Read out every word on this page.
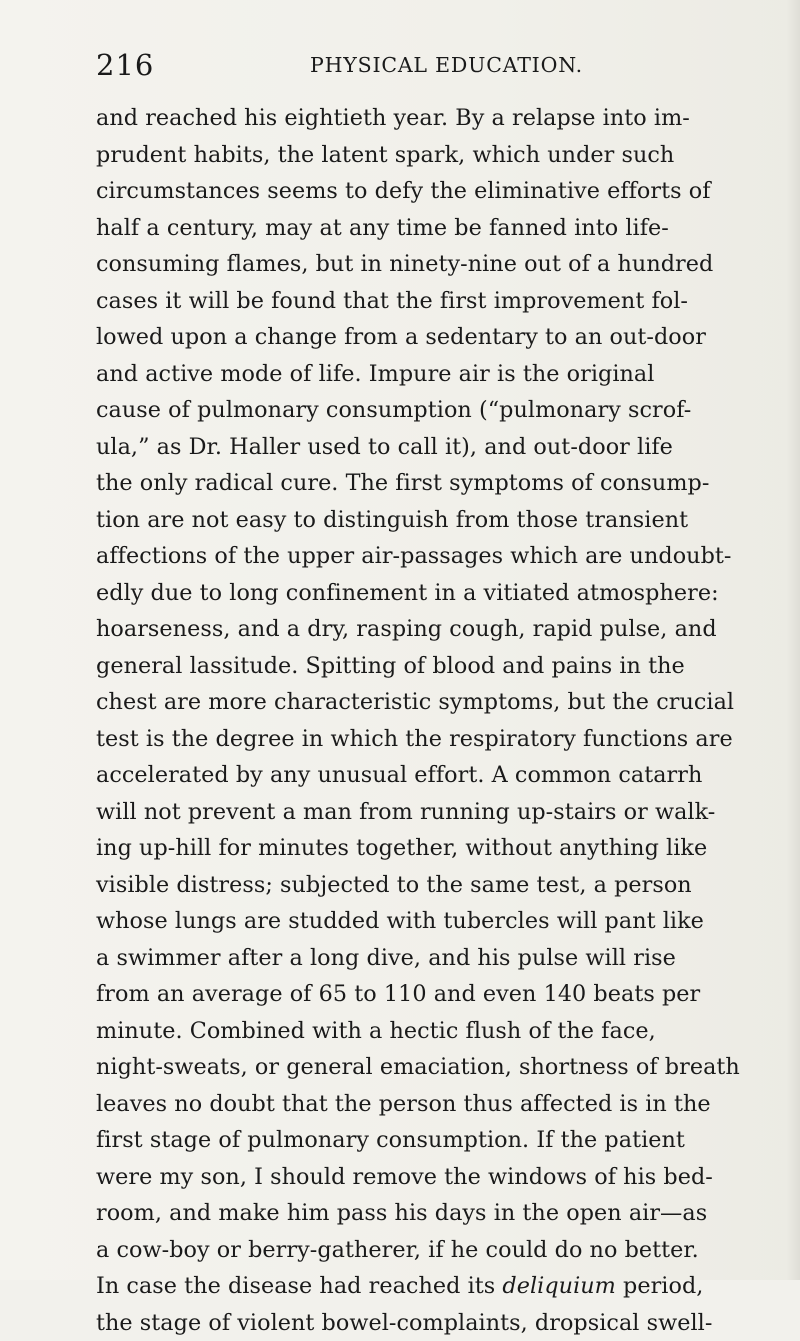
216	PHYSICAL EDUCATION.
and reached his eightieth year. By a relapse into im-
prudent habits, the latent spark, which under such
circumstances seems to defy the eliminative efforts of
half a century, may at any time be fanned into life-
consuming flames, but in ninety-nine out of a hundred
cases it will be found that the first improvement fol-
lowed upon a change from a sedentary to an out-door
and active mode of life. Impure air is the original
cause of pulmonary consumption (“pulmonary scrof-
ula,” as Dr. Haller used to call it), and out-door life
the only radical cure. The first symptoms of consump-
tion are not easy to distinguish from those transient
affections of the upper air-passages which are undoubt-
edly due to long confinement in a vitiated atmosphere:
hoarseness, and a dry, rasping cough, rapid pulse, and
general lassitude. Spitting of blood and pains in the
chest are more characteristic symptoms, but the crucial
test is the degree in which the respiratory functions are
accelerated by any unusual effort. A common catarrh
will not prevent a man from running up-stairs or walk-
ing up-hill for minutes together, without anything like
visible distress; subjected to the same test, a person
whose lungs are studded with tubercles will pant like
a swimmer after a long dive, and his pulse will rise
from an average of 65 to 110 and even 140 beats per
minute. Combined with a hectic flush of the face,
night-sweats, or general emaciation, shortness of breath
leaves no doubt that the person thus affected is in the
first stage of pulmonary consumption. If the patient
were my son, I should remove the windows of his bed-
room, and make him pass his days in the open air—as
a cow-boy or berry-gatherer, if he could do no better.
In case the disease had reached its deliquium period,
the stage of violent bowel-complaints, dropsical swell-
